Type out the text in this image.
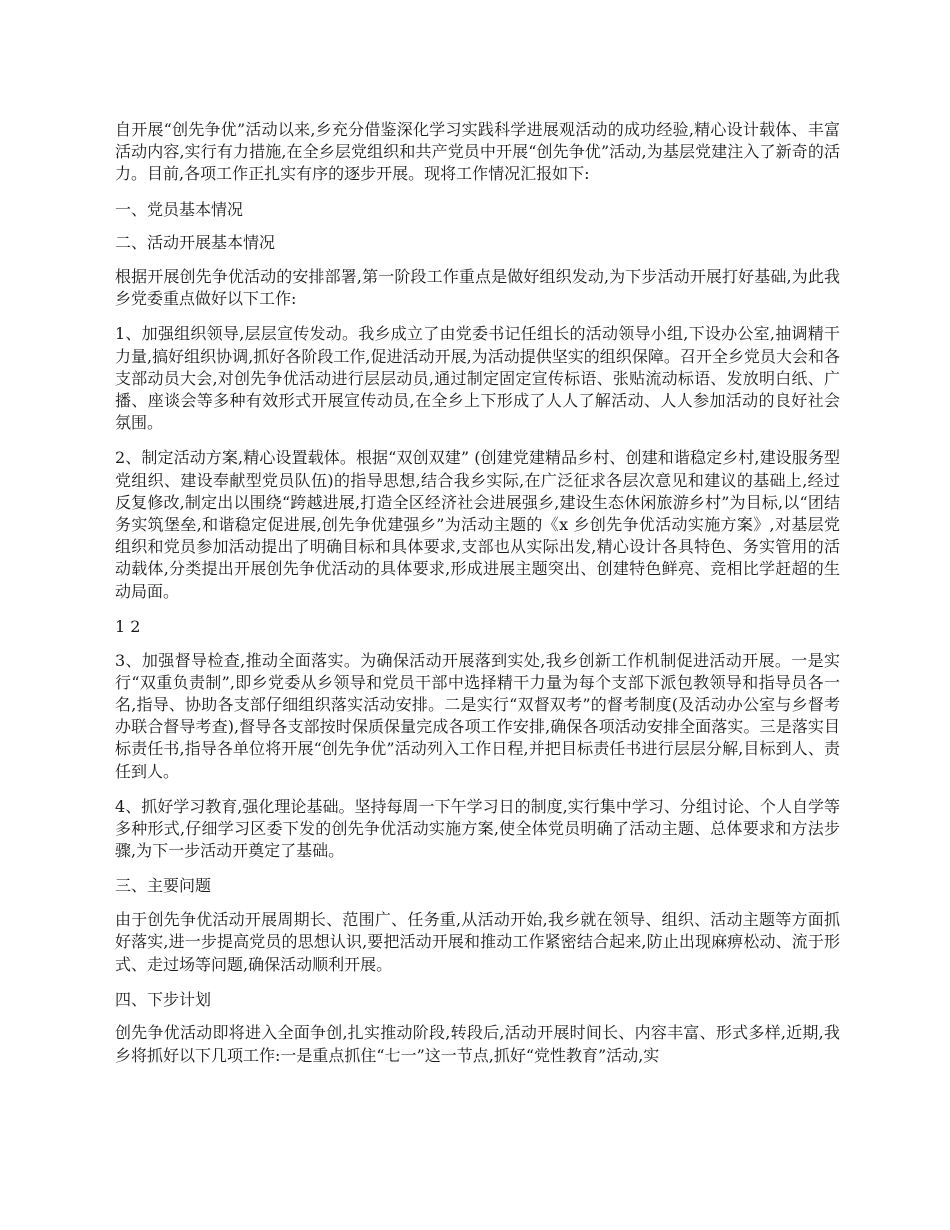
自开展“创先争优”活动以来,乡充分借鉴深化学习实践科学进展观活动的成功经验,精心设计载体、丰富活动内容,实行有力措施,在全乡层党组织和共产党员中开展“创先争优”活动,为基层党建注入了新奇的活力。目前,各项工作正扎实有序的逐步开展。现将工作情况汇报如下:

一、党员基本情况

二、活动开展基本情况

根据开展创先争优活动的安排部署,第一阶段工作重点是做好组织发动,为下步活动开展打好基础,为此我乡党委重点做好以下工作:

1、加强组织领导,层层宣传发动。我乡成立了由党委书记任组长的活动领导小组,下设办公室,抽调精干力量,搞好组织协调,抓好各阶段工作,促进活动开展,为活动提供坚实的组织保障。召开全乡党员大会和各支部动员大会,对创先争优活动进行层层动员,通过制定固定宣传标语、张贴流动标语、发放明白纸、广播、座谈会等多种有效形式开展宣传动员,在全乡上下形成了人人了解活动、人人参加活动的良好社会氛围。

2、制定活动方案,精心设置载体。根据“双创双建” (创建党建精品乡村、创建和谐稳定乡村,建设服务型党组织、建设奉献型党员队伍)的指导思想,结合我乡实际,在广泛征求各层次意见和建议的基础上,经过反复修改,制定出以围绕“跨越进展,打造全区经济社会进展强乡,建设生态休闲旅游乡村”为目标,以“团结务实筑堡垒,和谐稳定促进展,创先争优建强乡”为活动主题的《x 乡创先争优活动实施方案》,对基层党组织和党员参加活动提出了明确目标和具体要求,支部也从实际出发,精心设计各具特色、务实管用的活动载体,分类提出开展创先争优活动的具体要求,形成进展主题突出、创建特色鲜亮、竞相比学赶超的生动局面。

1 2

3、加强督导检查,推动全面落实。为确保活动开展落到实处,我乡创新工作机制促进活动开展。一是实行“双重负责制”,即乡党委从乡领导和党员干部中选择精干力量为每个支部下派包教领导和指导员各一名,指导、协助各支部仔细组织落实活动安排。二是实行“双督双考”的督考制度(及活动办公室与乡督考办联合督导考查),督导各支部按时保质保量完成各项工作安排,确保各项活动安排全面落实。三是落实目标责任书,指导各单位将开展“创先争优”活动列入工作日程,并把目标责任书进行层层分解,目标到人、责任到人。

4、抓好学习教育,强化理论基础。坚持每周一下午学习日的制度,实行集中学习、分组讨论、个人自学等多种形式,仔细学习区委下发的创先争优活动实施方案,使全体党员明确了活动主题、总体要求和方法步骤,为下一步活动开奠定了基础。

三、主要问题

由于创先争优活动开展周期长、范围广、任务重,从活动开始,我乡就在领导、组织、活动主题等方面抓好落实,进一步提高党员的思想认识,要把活动开展和推动工作紧密结合起来,防止出现麻痹松动、流于形式、走过场等问题,确保活动顺利开展。

四、下步计划

创先争优活动即将进入全面争创,扎实推动阶段,转段后,活动开展时间长、内容丰富、形式多样,近期,我乡将抓好以下几项工作:一是重点抓住“七一”这一节点,抓好“党性教育”活动,实
